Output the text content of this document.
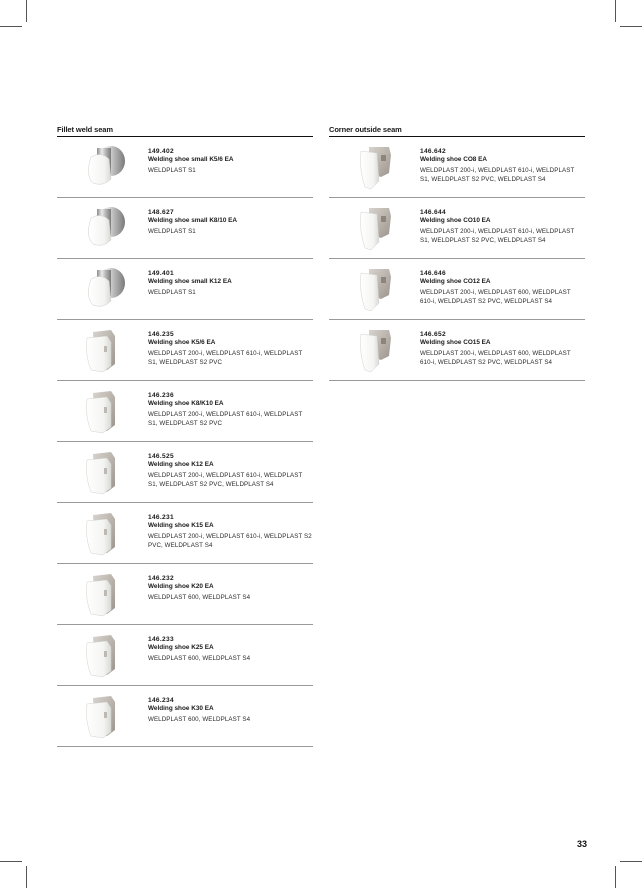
Fillet weld seam
149.402
Welding shoe small K5/6 EA
WELDPLAST S1
148.627
Welding shoe small K8/10 EA
WELDPLAST S1
149.401
Welding shoe small K12 EA
WELDPLAST S1
146.235
Welding shoe K5/6 EA
WELDPLAST 200-i, WELDPLAST 610-i, WELDPLAST S1, WELDPLAST S2 PVC
146.236
Welding shoe K8/K10 EA
WELDPLAST 200-i, WELDPLAST 610-i, WELDPLAST S1, WELDPLAST S2 PVC
146.525
Welding shoe K12 EA
WELDPLAST 200-i, WELDPLAST 610-i, WELDPLAST S1, WELDPLAST S2 PVC, WELDPLAST S4
146.231
Welding shoe K15 EA
WELDPLAST 200-i, WELDPLAST 610-i, WELDPLAST S2 PVC, WELDPLAST S4
146.232
Welding shoe K20 EA
WELDPLAST 600, WELDPLAST S4
146.233
Welding shoe K25 EA
WELDPLAST 600, WELDPLAST S4
146.234
Welding shoe K30 EA
WELDPLAST 600, WELDPLAST S4
Corner outside seam
146.642
Welding shoe CO8 EA
WELDPLAST 200-i, WELDPLAST 610-i, WELDPLAST S1, WELDPLAST S2 PVC, WELDPLAST S4
146.644
Welding shoe CO10 EA
WELDPLAST 200-i, WELDPLAST 610-i, WELDPLAST S1, WELDPLAST S2 PVC, WELDPLAST S4
146.646
Welding shoe CO12 EA
WELDPLAST 200-i, WELDPLAST 600, WELDPLAST 610-i, WELDPLAST S2 PVC, WELDPLAST S4
146.652
Welding shoe CO15 EA
WELDPLAST 200-i, WELDPLAST 600, WELDPLAST 610-i, WELDPLAST S2 PVC, WELDPLAST S4
33
